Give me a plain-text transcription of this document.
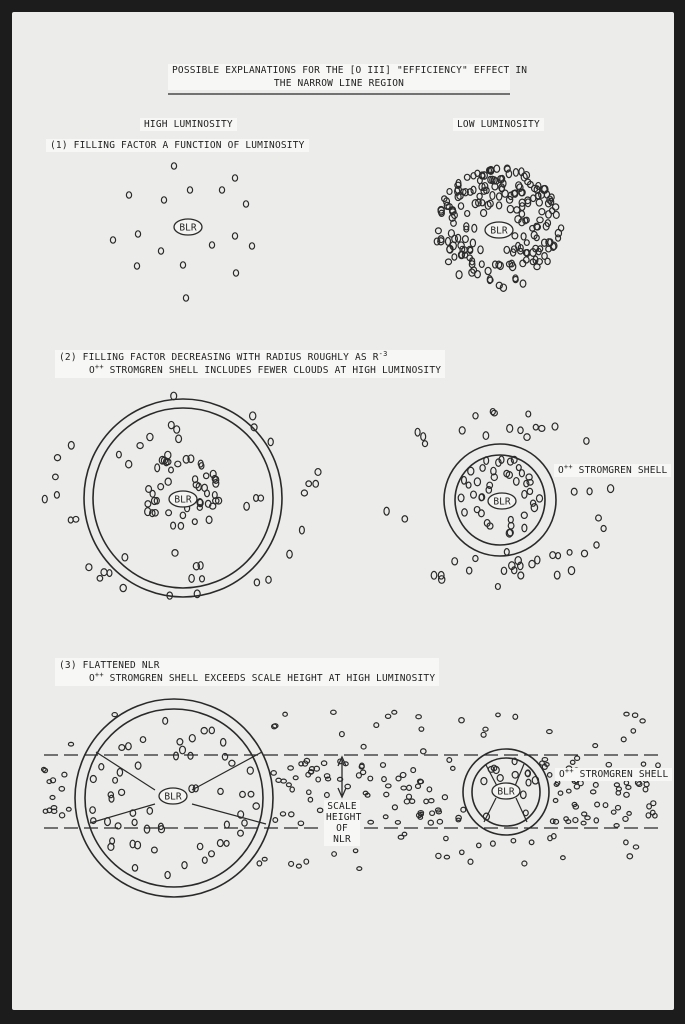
BLR	BLR
BLR	BLR
BLR	BLR
POSSIBLE EXPLANATIONS FOR THE [O III] "EFFICIENCY" EFFECT IN
THE NARROW LINE REGION
HIGH LUMINOSITY	LOW LUMINOSITY
(1) FILLING FACTOR A FUNCTION OF LUMINOSITY
(2) FILLING FACTOR DECREASING WITH RADIUS ROUGHLY AS $R^{-3}$
O++ STROMGREN SHELL INCLUDES FEWER CLOUDS AT HIGH LUMINOSITY
(3) FLATTENED NLR
O++ STROMGREN SHELL EXCEEDS SCALE HEIGHT AT HIGH LUMINOSITY
O++ STROMGREN SHELL
O++ STROMGREN SHELL
SCALE
HEIGHT
OF
NLR
